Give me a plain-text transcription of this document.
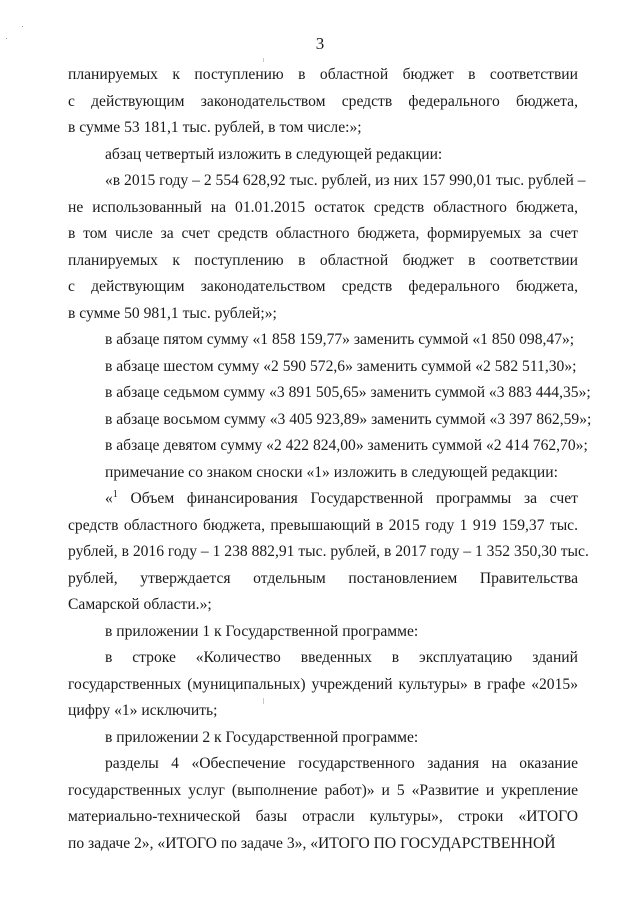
3
планируемых к поступлению в областной бюджет в соответствии
с действующим законодательством средств федерального бюджета,
в сумме 53 181,1 тыс. рублей, в том числе:»;
абзац четвертый изложить в следующей редакции:
«в 2015 году – 2 554 628,92 тыс. рублей, из них 157 990,01 тыс. рублей –
не использованный на 01.01.2015 остаток средств областного бюджета,
в том числе за счет средств областного бюджета, формируемых за счет
планируемых к поступлению в областной бюджет в соответствии
с действующим законодательством средств федерального бюджета,
в сумме 50 981,1 тыс. рублей;»;
в абзаце пятом сумму «1 858 159,77» заменить суммой «1 850 098,47»;
в абзаце шестом сумму «2 590 572,6» заменить суммой «2 582 511,30»;
в абзаце седьмом сумму «3 891 505,65» заменить суммой «3 883 444,35»;
в абзаце восьмом сумму «3 405 923,89» заменить суммой «3 397 862,59»;
в абзаце девятом сумму «2 422 824,00» заменить суммой «2 414 762,70»;
примечание со знаком сноски «1» изложить в следующей редакции:
«$^1$ Объем финансирования Государственной программы за счет
средств областного бюджета, превышающий в 2015 году 1 919 159,37 тыс.
рублей, в 2016 году – 1 238 882,91 тыс. рублей, в 2017 году – 1 352 350,30 тыс.
рублей, утверждается отдельным постановлением Правительства
Самарской области.»;
в приложении 1 к Государственной программе:
в строке «Количество введенных в эксплуатацию зданий
государственных (муниципальных) учреждений культуры» в графе «2015»
цифру «1» исключить;
в приложении 2 к Государственной программе:
разделы 4 «Обеспечение государственного задания на оказание
государственных услуг (выполнение работ)» и 5 «Развитие и укрепление
материально-технической базы отрасли культуры», строки «ИТОГО
по задаче 2», «ИТОГО по задаче 3», «ИТОГО ПО ГОСУДАРСТВЕННОЙ
